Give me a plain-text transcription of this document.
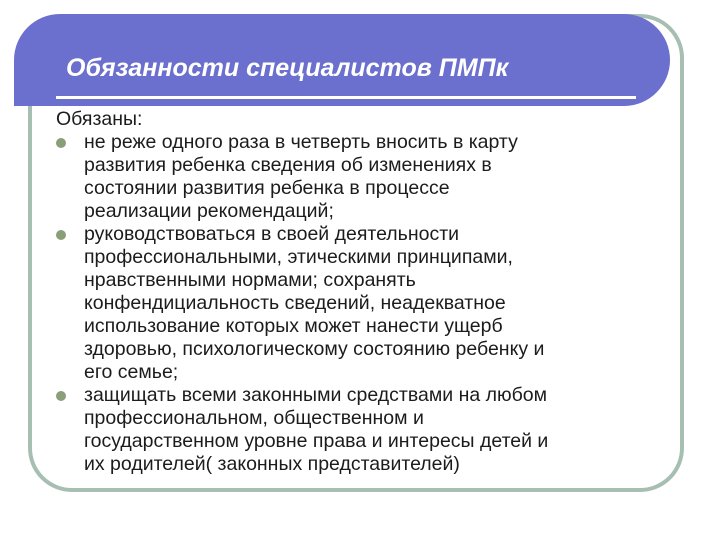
Обязанности специалистов ПМПк

Обязаны:

не реже одного раза в четверть вносить в карту
развития ребенка сведения об изменениях в
состоянии развития ребенка в процессе
реализации рекомендаций;
руководствоваться в своей деятельности
профессиональными, этическими принципами,
нравственными нормами; сохранять
конфендициальность сведений, неадекватное
использование которых может нанести ущерб
здоровью, психологическому состоянию ребенку и
его семье;
защищать всеми законными средствами на любом
профессиональном, общественном и
государственном уровне права и интересы детей и
их родителей( законных представителей)
